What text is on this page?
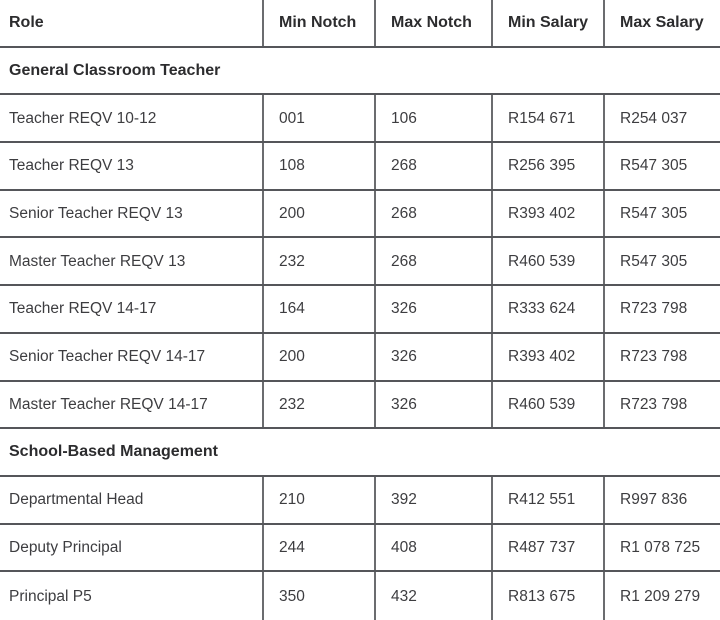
Role	Min Notch	Max Notch	Min Salary	Max Salary
General Classroom Teacher
Teacher REQV 10-12	001	106	R154 671	R254 037
Teacher REQV 13	108	268	R256 395	R547 305
Senior Teacher REQV 13	200	268	R393 402	R547 305
Master Teacher REQV 13	232	268	R460 539	R547 305
Teacher REQV 14-17	164	326	R333 624	R723 798
Senior Teacher REQV 14-17	200	326	R393 402	R723 798
Master Teacher REQV 14-17	232	326	R460 539	R723 798
School-Based Management
Departmental Head	210	392	R412 551	R997 836
Deputy Principal	244	408	R487 737	R1 078 725
Principal P5	350	432	R813 675	R1 209 279
